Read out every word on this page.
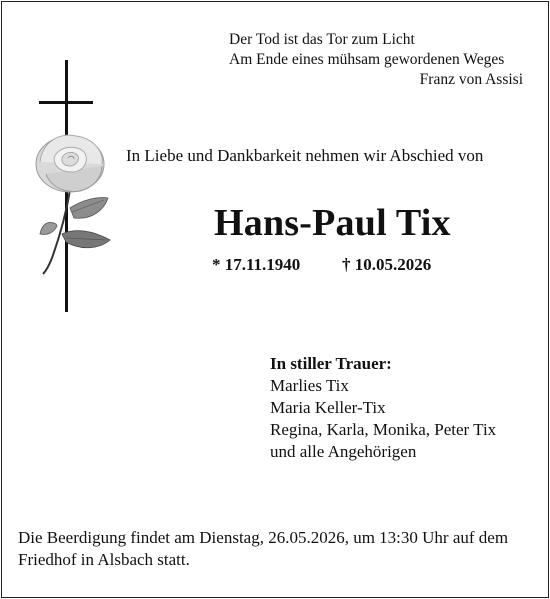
Der Tod ist das Tor zum Licht
Am Ende eines mühsam gewordenen Weges
Franz von Assisi
In Liebe und Dankbarkeit nehmen wir Abschied von
Hans-Paul Tix
* 17.11.1940 † 10.05.2026
In stiller Trauer:
Marlies Tix
Maria Keller-Tix
Regina, Karla, Monika, Peter Tix
und alle Angehörigen
Die Beerdigung findet am Dienstag, 26.05.2026, um 13:30 Uhr auf dem Friedhof in Alsbach statt.
